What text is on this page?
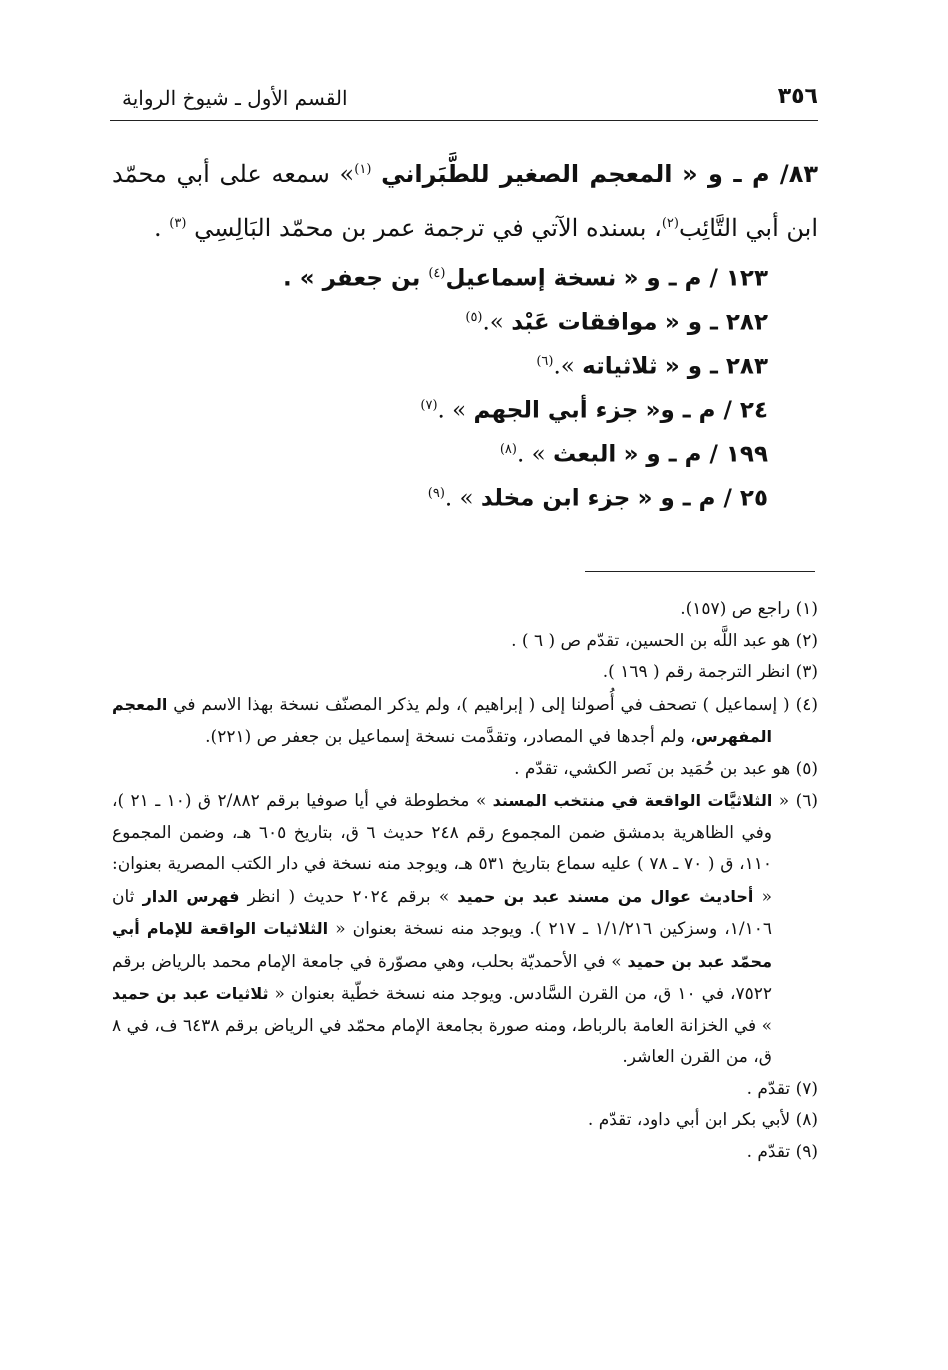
٣٥٦
القسم الأول ـ شيوخ الرواية

٨٣/ م ـ و « المعجم الصغير للطَّبَراني $^{(١)}$» سمعه على أبي محمّد ابن أبي التَّائِب$^{(٢)}$، بسنده الآتي في ترجمة عمر بن محمّد البَالِسِي $^{(٣)}$ .

١٢٣ / م ـ و « نسخة إسماعيل$^{(٤)}$ بن جعفر » .
٢٨٢ ـ و « موافقات عَبْد ».$^{(٥)}$
٢٨٣ ـ و « ثلاثياته ».$^{(٦)}$
٢٤ / م ـ و« جزء أبي الجهم » .$^{(٧)}$
١٩٩ / م ـ و « البعث » .$^{(٨)}$
٢٥ / م ـ و « جزء ابن مخلد » .$^{(٩)}$

(١) راجع ص (١٥٧).

(٢) هو عبد اللَّه بن الحسين، تقدّم ص ( ٦ ) .

(٣) انظر الترجمة رقم ( ١٦٩ ).

(٤) ( إسماعيل ) تصحف في أُصولنا إلى ( إبراهيم )، ولم يذكر المصنّف نسخة بهذا الاسم في المعجم المفهرس، ولم أجدها في المصادر، وتقدَّمت نسخة إسماعيل بن جعفر ص (٢٢١).

(٥) هو عبد بن حُمَيد بن نَصر الكشي، تقدّم .

(٦) « الثلاثيَّات الواقعة في منتخب المسند » مخطوطة في أيا صوفيا برقم ٢/٨٨٢ ق (١٠ ـ ٢١ )، وفي الظاهرية بدمشق ضمن المجموع رقم ٢٤٨ حديث ٦ ق، بتاريخ ٦٠٥ هـ، وضمن المجموع ١١٠، ق ( ٧٠ ـ ٧٨ ) عليه سماع بتاريخ ٥٣١ هـ، ويوجد منه نسخة في دار الكتب المصرية بعنوان: « أحاديث عوال من مسند عبد بن حميد » برقم ٢٠٢٤ حديث ( انظر فهرس الدار ثان ١/١٠٦، وسزكين ١/١/٢١٦ ـ ٢١٧ ). ويوجد منه نسخة بعنوان « الثلاثيات الواقعة للإمام أبي محمّد عبد بن حميد » في الأحمديّة بحلب، وهي مصوّرة في جامعة الإمام محمد بالرياض برقم ٧٥٢٢، في ١٠ ق، من القرن السَّادس. ويوجد منه نسخة خطّية بعنوان « ثلاثيات عبد بن حميد » في الخزانة العامة بالرباط، ومنه صورة بجامعة الإمام محمّد في الرياض برقم ٦٤٣٨ ف، في ٨ ق، من القرن العاشر.

(٧) تقدّم .

(٨) لأبي بكر ابن أبي داود، تقدّم .

(٩) تقدّم .
